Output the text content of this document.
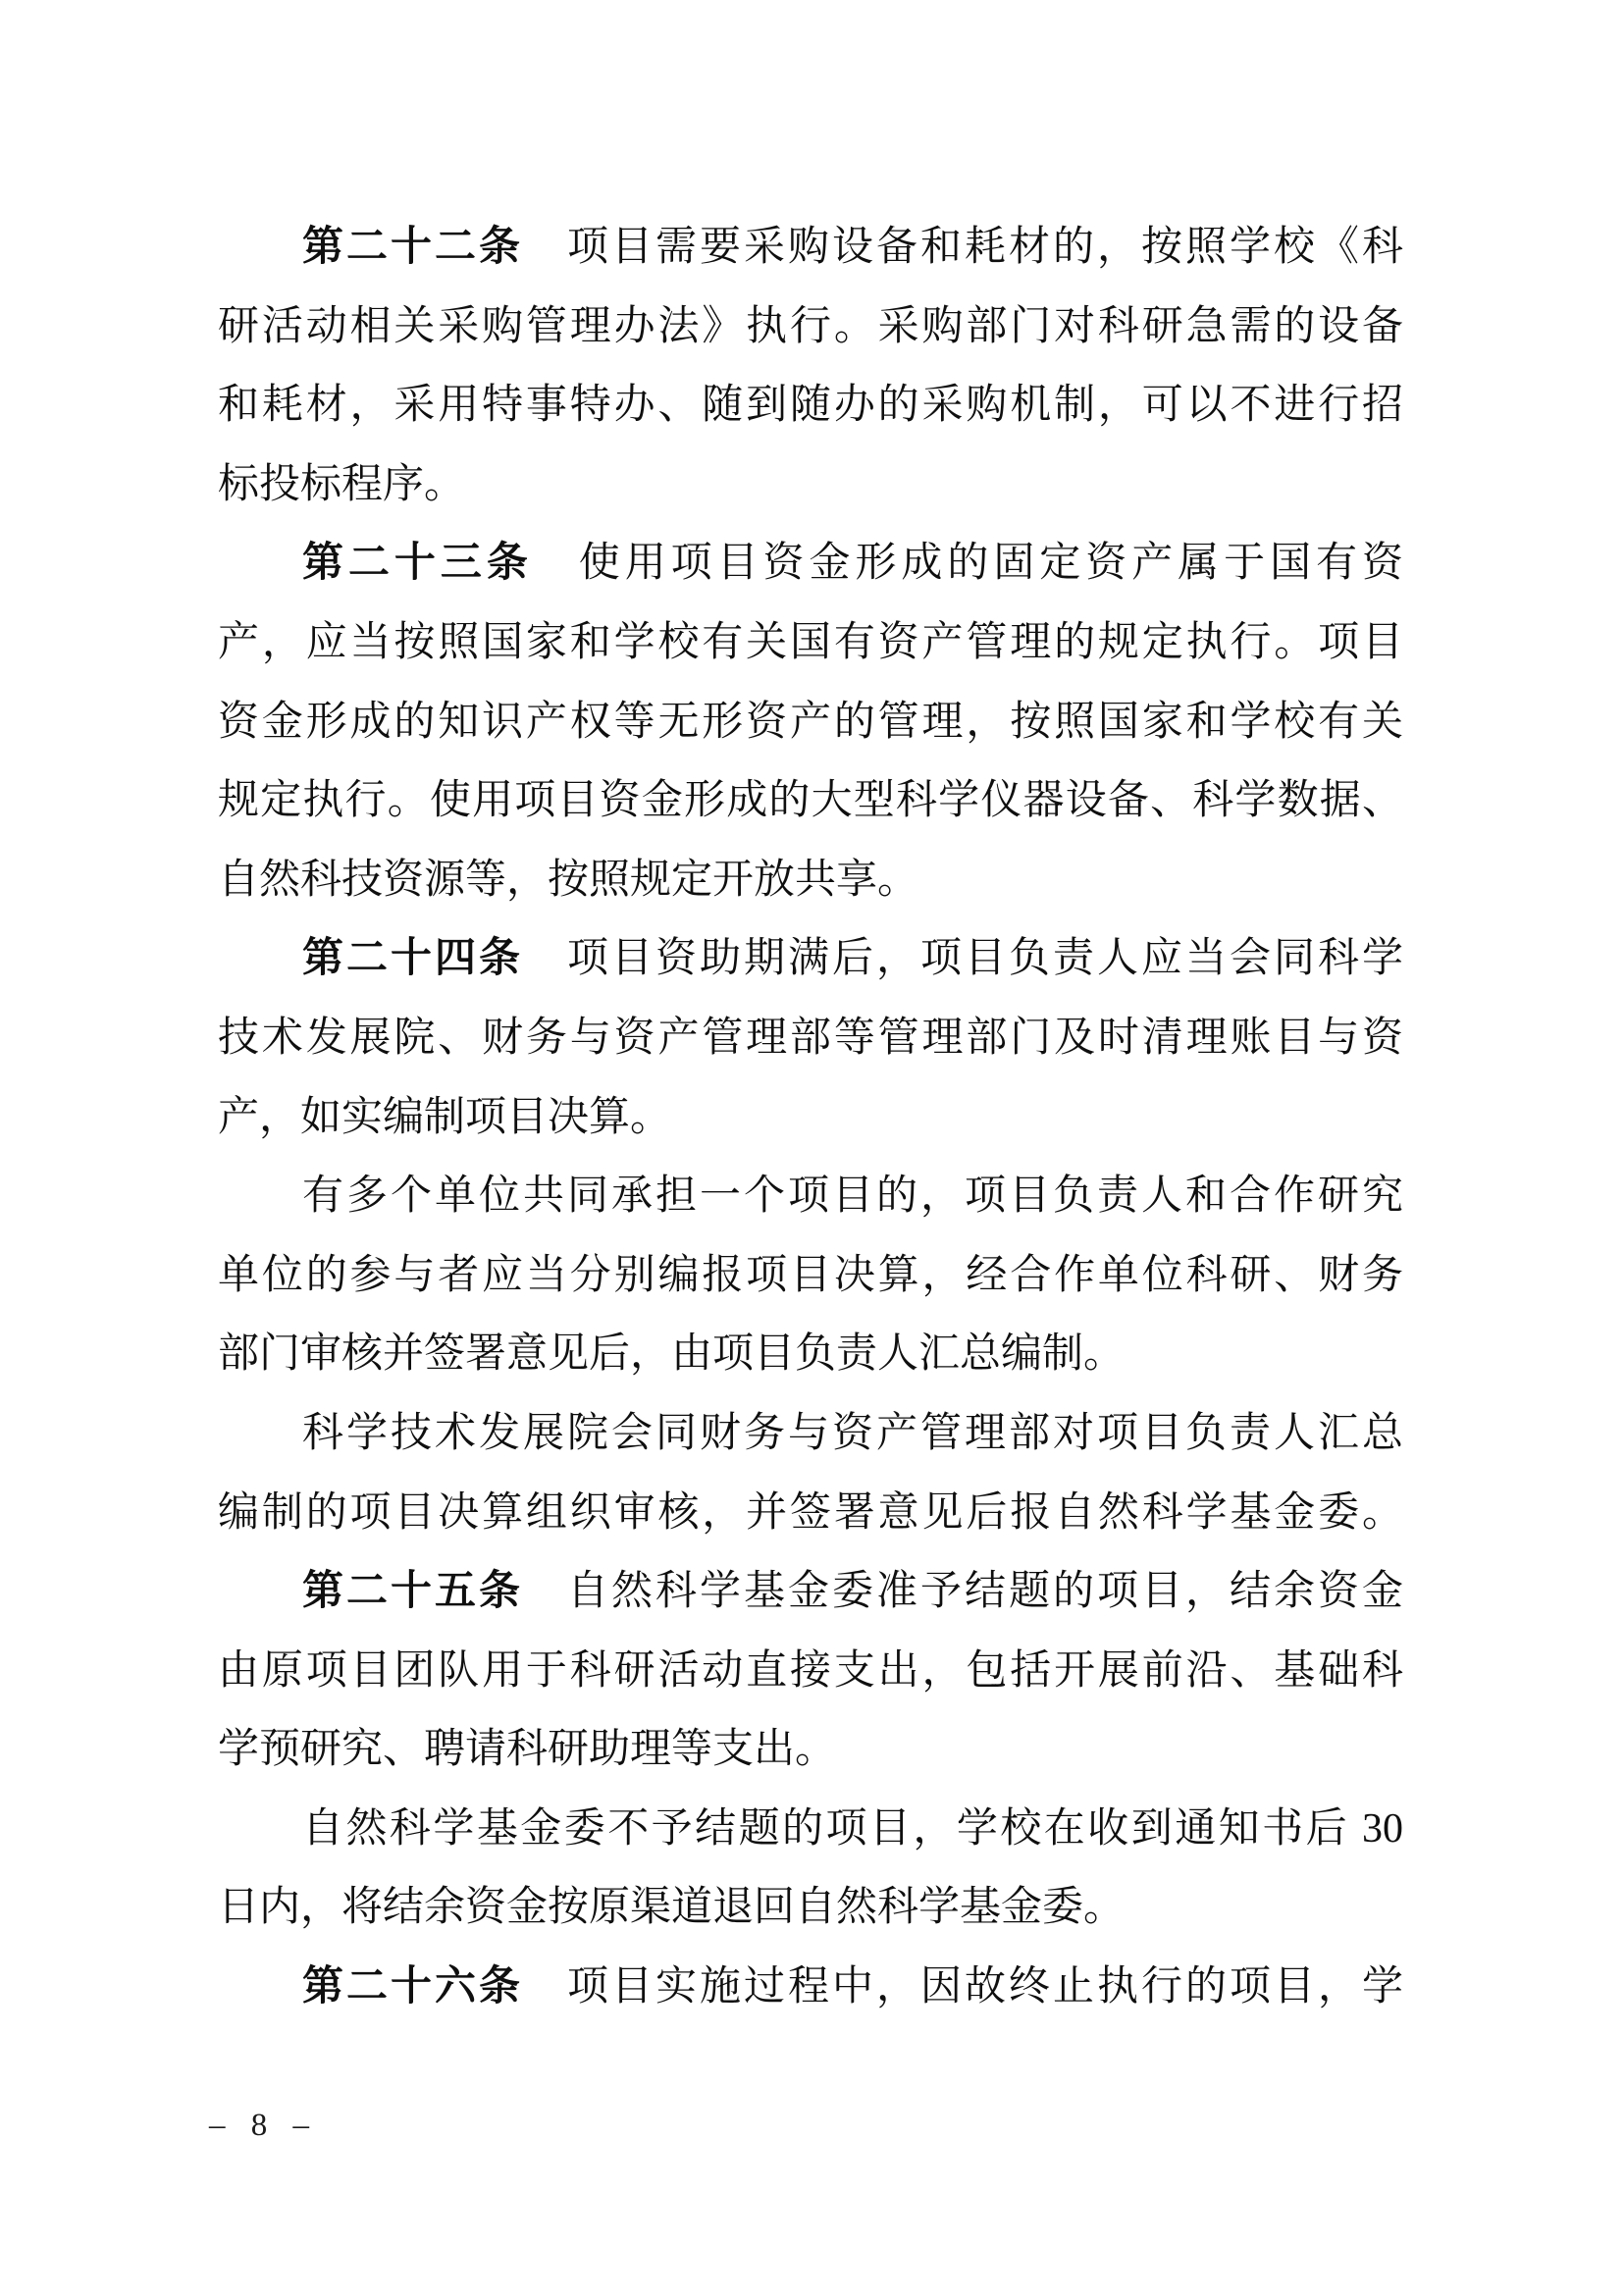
第二十二条　项目需要采购设备和耗材的，按照学校《科
研活动相关采购管理办法》执行。采购部门对科研急需的设备
和耗材，采用特事特办、随到随办的采购机制，可以不进行招
标投标程序。
第二十三条　使用项目资金形成的固定资产属于国有资
产，应当按照国家和学校有关国有资产管理的规定执行。项目
资金形成的知识产权等无形资产的管理，按照国家和学校有关
规定执行。使用项目资金形成的大型科学仪器设备、科学数据、
自然科技资源等，按照规定开放共享。
第二十四条　项目资助期满后，项目负责人应当会同科学
技术发展院、财务与资产管理部等管理部门及时清理账目与资
产，如实编制项目决算。
有多个单位共同承担一个项目的，项目负责人和合作研究
单位的参与者应当分别编报项目决算，经合作单位科研、财务
部门审核并签署意见后，由项目负责人汇总编制。
科学技术发展院会同财务与资产管理部对项目负责人汇总
编制的项目决算组织审核，并签署意见后报自然科学基金委。
第二十五条　自然科学基金委准予结题的项目，结余资金
由原项目团队用于科研活动直接支出，包括开展前沿、基础科
学预研究、聘请科研助理等支出。
自然科学基金委不予结题的项目，学校在收到通知书后 30
日内，将结余资金按原渠道退回自然科学基金委。
第二十六条　项目实施过程中，因故终止执行的项目，学
– 8 –
